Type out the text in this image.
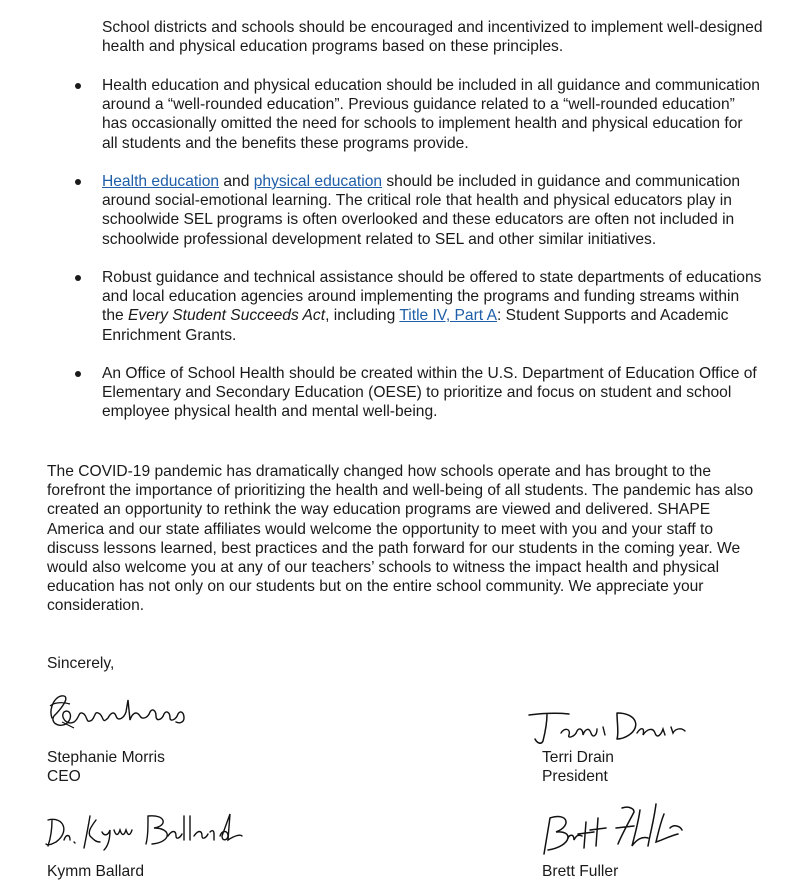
School districts and schools should be encouraged and incentivized to implement well-designed health and physical education programs based on these principles.

Health education and physical education should be included in all guidance and communication around a “well-rounded education”. Previous guidance related to a “well-rounded education” has occasionally omitted the need for schools to implement health and physical education for all students and the benefits these programs provide.
Health education and physical education should be included in guidance and communication around social-emotional learning. The critical role that health and physical educators play in schoolwide SEL programs is often overlooked and these educators are often not included in schoolwide professional development related to SEL and other similar initiatives.
Robust guidance and technical assistance should be offered to state departments of educations and local education agencies around implementing the programs and funding streams within the Every Student Succeeds Act, including Title IV, Part A: Student Supports and Academic Enrichment Grants.
An Office of School Health should be created within the U.S. Department of Education Office of Elementary and Secondary Education (OESE) to prioritize and focus on student and school employee physical health and mental well-being.

The COVID-19 pandemic has dramatically changed how schools operate and has brought to the forefront the importance of prioritizing the health and well-being of all students. The pandemic has also created an opportunity to rethink the way education programs are viewed and delivered. SHAPE America and our state affiliates would welcome the opportunity to meet with you and your staff to discuss lessons learned, best practices and the path forward for our students in the coming year. We would also welcome you at any of our teachers’ schools to witness the impact health and physical education has not only on our students but on the entire school community. We appreciate your consideration.

Sincerely,

Stephanie Morris

CEO

Terri Drain

President

Kymm Ballard	Brett Fuller
